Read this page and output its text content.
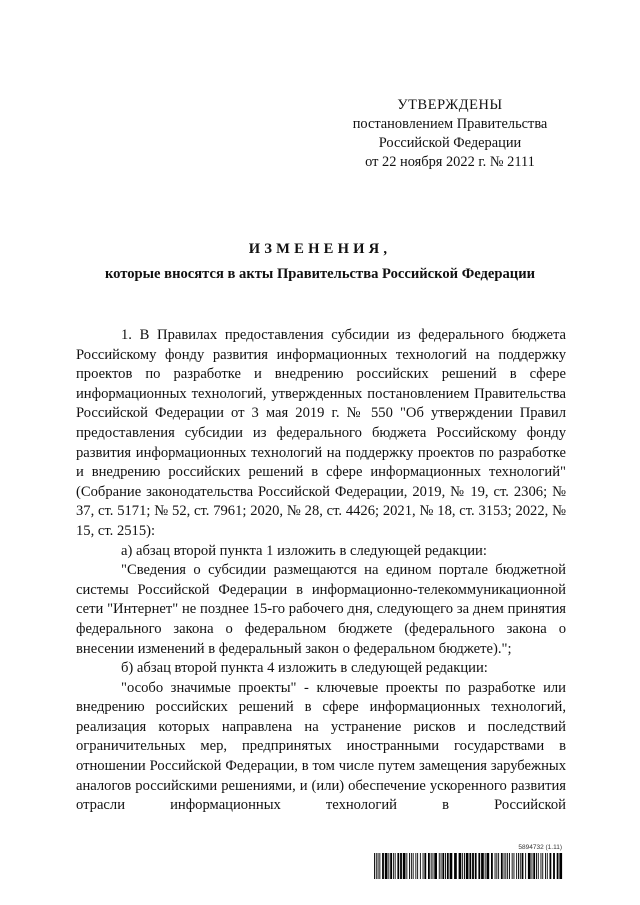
УТВЕРЖДЕНЫ
постановлением Правительства
Российской Федерации
от 22 ноября 2022 г. № 2111
ИЗМЕНЕНИЯ,
которые вносятся в акты Правительства Российской Федерации

1. В Правилах предоставления субсидии из федерального бюджета Российскому фонду развития информационных технологий на поддержку проектов по разработке и внедрению российских решений в сфере информационных технологий, утвержденных постановлением Правительства Российской Федерации от 3 мая 2019 г. № 550 "Об утверждении Правил предоставления субсидии из федерального бюджета Российскому фонду развития информационных технологий на поддержку проектов по разработке и внедрению российских решений в сфере информационных технологий" (Собрание законодательства Российской Федерации, 2019, № 19, ст. 2306; № 37, ст. 5171; № 52, ст. 7961; 2020, № 28, ст. 4426; 2021, № 18, ст. 3153; 2022, № 15, ст. 2515):

а) абзац второй пункта 1 изложить в следующей редакции:

"Сведения о субсидии размещаются на едином портале бюджетной системы Российской Федерации в информационно-телекоммуникационной сети "Интернет" не позднее 15-го рабочего дня, следующего за днем принятия федерального закона о федеральном бюджете (федерального закона о внесении изменений в федеральный закон о федеральном бюджете).";

б) абзац второй пункта 4 изложить в следующей редакции:

"особо значимые проекты" - ключевые проекты по разработке или внедрению российских решений в сфере информационных технологий, реализация которых направлена на устранение рисков и последствий ограничительных мер, предпринятых иностранными государствами в отношении Российской Федерации, в том числе путем замещения зарубежных аналогов российскими решениями, и (или) обеспечение ускоренного развития отрасли информационных технологий в Российской

5894732 (1.11)
